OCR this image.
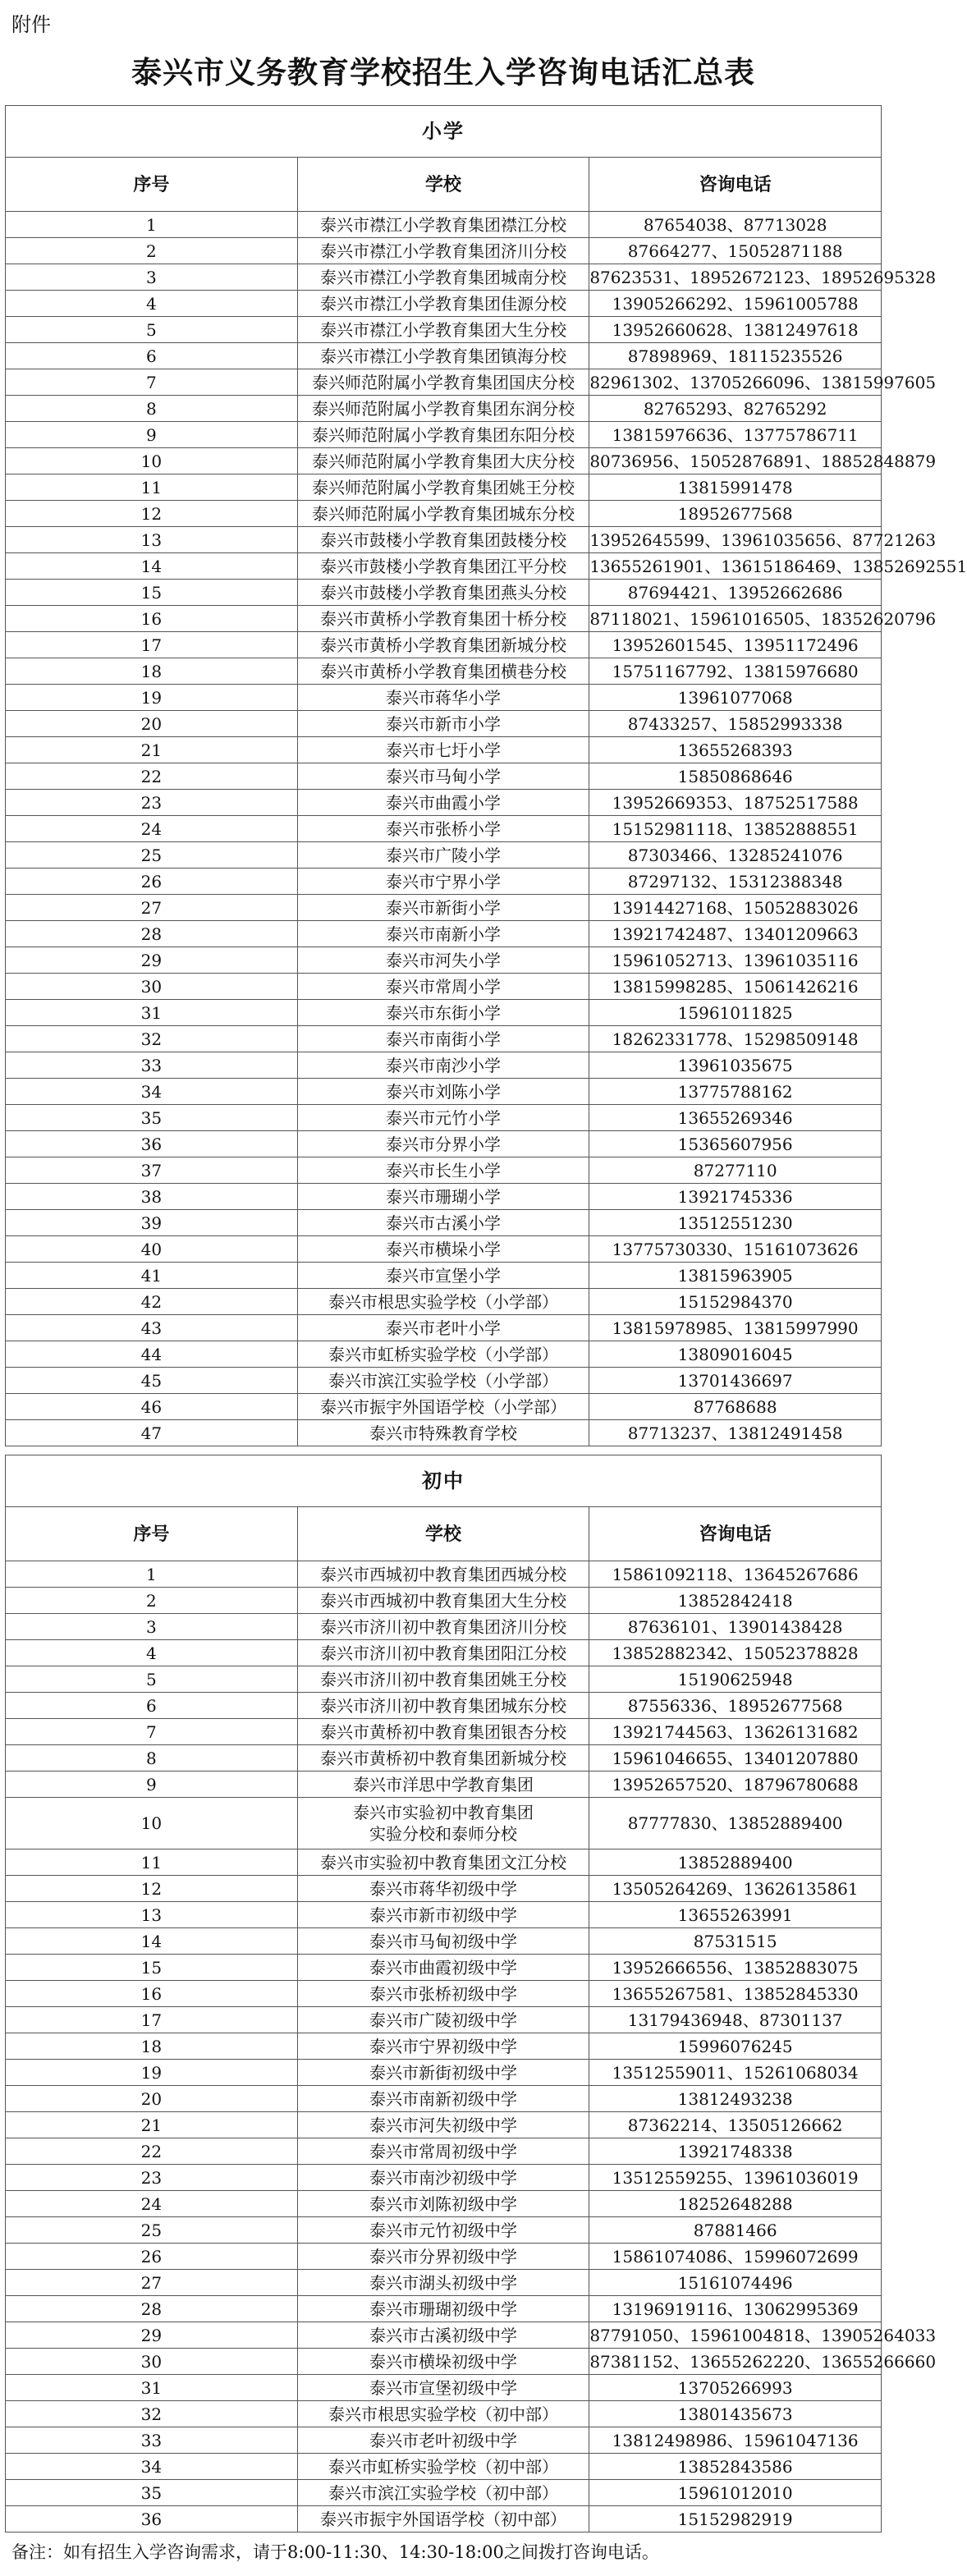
附件
泰兴市义务教育学校招生入学咨询电话汇总表
小学		
序号	学校	咨询电话
1	泰兴市襟江小学教育集团襟江分校	87654038、87713028
2	泰兴市襟江小学教育集团济川分校	87664277、15052871188
3	泰兴市襟江小学教育集团城南分校	87623531、18952672123、18952695328
4	泰兴市襟江小学教育集团佳源分校	13905266292、15961005788
5	泰兴市襟江小学教育集团大生分校	13952660628、13812497618
6	泰兴市襟江小学教育集团镇海分校	87898969、18115235526
7	泰兴师范附属小学教育集团国庆分校	82961302、13705266096、13815997605
8	泰兴师范附属小学教育集团东润分校	82765293、82765292
9	泰兴师范附属小学教育集团东阳分校	13815976636、13775786711
10	泰兴师范附属小学教育集团大庆分校	80736956、15052876891、18852848879
11	泰兴师范附属小学教育集团姚王分校	13815991478
12	泰兴师范附属小学教育集团城东分校	18952677568
13	泰兴市鼓楼小学教育集团鼓楼分校	13952645599、13961035656、87721263
14	泰兴市鼓楼小学教育集团江平分校	13655261901、13615186469、13852692551
15	泰兴市鼓楼小学教育集团燕头分校	87694421、13952662686
16	泰兴市黄桥小学教育集团十桥分校	87118021、15961016505、18352620796
17	泰兴市黄桥小学教育集团新城分校	13952601545、13951172496
18	泰兴市黄桥小学教育集团横巷分校	15751167792、13815976680
19	泰兴市蒋华小学	13961077068
20	泰兴市新市小学	87433257、15852993338
21	泰兴市七圩小学	13655268393
22	泰兴市马甸小学	15850868646
23	泰兴市曲霞小学	13952669353、18752517588
24	泰兴市张桥小学	15152981118、13852888551
25	泰兴市广陵小学	87303466、13285241076
26	泰兴市宁界小学	87297132、15312388348
27	泰兴市新街小学	13914427168、15052883026
28	泰兴市南新小学	13921742487、13401209663
29	泰兴市河失小学	15961052713、13961035116
30	泰兴市常周小学	13815998285、15061426216
31	泰兴市东街小学	15961011825
32	泰兴市南街小学	18262331778、15298509148
33	泰兴市南沙小学	13961035675
34	泰兴市刘陈小学	13775788162
35	泰兴市元竹小学	13655269346
36	泰兴市分界小学	15365607956
37	泰兴市长生小学	87277110
38	泰兴市珊瑚小学	13921745336
39	泰兴市古溪小学	13512551230
40	泰兴市横垛小学	13775730330、15161073626
41	泰兴市宣堡小学	13815963905
42	泰兴市根思实验学校（小学部）	15152984370
43	泰兴市老叶小学	13815978985、13815997990
44	泰兴市虹桥实验学校（小学部）	13809016045
45	泰兴市滨江实验学校（小学部）	13701436697
46	泰兴市振宇外国语学校（小学部）	87768688
47	泰兴市特殊教育学校	87713237、13812491458
初中		
序号	学校	咨询电话
1	泰兴市西城初中教育集团西城分校	15861092118、13645267686
2	泰兴市西城初中教育集团大生分校	13852842418
3	泰兴市济川初中教育集团济川分校	87636101、13901438428
4	泰兴市济川初中教育集团阳江分校	13852882342、15052378828
5	泰兴市济川初中教育集团姚王分校	15190625948
6	泰兴市济川初中教育集团城东分校	87556336、18952677568
7	泰兴市黄桥初中教育集团银杏分校	13921744563、13626131682
8	泰兴市黄桥初中教育集团新城分校	15961046655、13401207880
9	泰兴市洋思中学教育集团	13952657520、18796780688
10	泰兴市实验初中教育集团
实验分校和泰师分校	87777830、13852889400
11	泰兴市实验初中教育集团文江分校	13852889400
12	泰兴市蒋华初级中学	13505264269、13626135861
13	泰兴市新市初级中学	13655263991
14	泰兴市马甸初级中学	87531515
15	泰兴市曲霞初级中学	13952666556、13852883075
16	泰兴市张桥初级中学	13655267581、13852845330
17	泰兴市广陵初级中学	13179436948、87301137
18	泰兴市宁界初级中学	15996076245
19	泰兴市新街初级中学	13512559011、15261068034
20	泰兴市南新初级中学	13812493238
21	泰兴市河失初级中学	87362214、13505126662
22	泰兴市常周初级中学	13921748338
23	泰兴市南沙初级中学	13512559255、13961036019
24	泰兴市刘陈初级中学	18252648288
25	泰兴市元竹初级中学	87881466
26	泰兴市分界初级中学	15861074086、15996072699
27	泰兴市湖头初级中学	15161074496
28	泰兴市珊瑚初级中学	13196919116、13062995369
29	泰兴市古溪初级中学	87791050、15961004818、13905264033
30	泰兴市横垛初级中学	87381152、13655262220、13655266660
31	泰兴市宣堡初级中学	13705266993
32	泰兴市根思实验学校（初中部）	13801435673
33	泰兴市老叶初级中学	13812498986、15961047136
34	泰兴市虹桥实验学校（初中部）	13852843586
35	泰兴市滨江实验学校（初中部）	15961012010
36	泰兴市振宇外国语学校（初中部）	15152982919
备注：如有招生入学咨询需求，请于8:00-11:30、14:30-18:00之间拨打咨询电话。
